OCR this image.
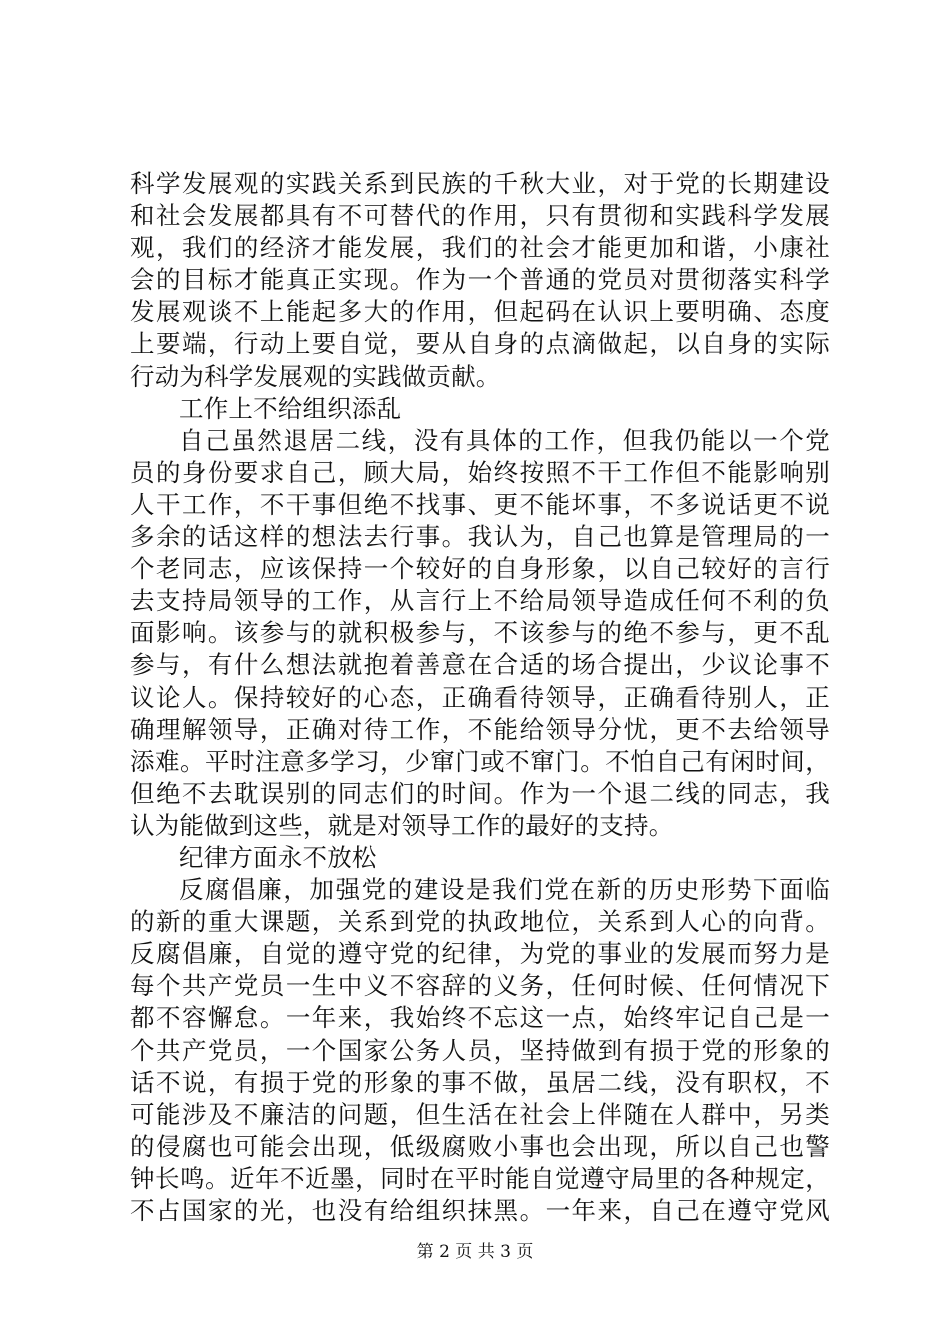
科学发展观的实践关系到民族的千秋大业，对于党的长期建设
和社会发展都具有不可替代的作用，只有贯彻和实践科学发展
观，我们的经济才能发展，我们的社会才能更加和谐，小康社
会的目标才能真正实现。作为一个普通的党员对贯彻落实科学
发展观谈不上能起多大的作用，但起码在认识上要明确、态度
上要端，行动上要自觉，要从自身的点滴做起，以自身的实际
行动为科学发展观的实践做贡献。
工作上不给组织添乱
自己虽然退居二线，没有具体的工作，但我仍能以一个党
员的身份要求自己，顾大局，始终按照不干工作但不能影响别
人干工作，不干事但绝不找事、更不能坏事，不多说话更不说
多余的话这样的想法去行事。我认为，自己也算是管理局的一
个老同志，应该保持一个较好的自身形象，以自己较好的言行
去支持局领导的工作，从言行上不给局领导造成任何不利的负
面影响。该参与的就积极参与，不该参与的绝不参与，更不乱
参与，有什么想法就抱着善意在合适的场合提出，少议论事不
议论人。保持较好的心态，正确看待领导，正确看待别人，正
确理解领导，正确对待工作，不能给领导分忧，更不去给领导
添难。平时注意多学习，少窜门或不窜门。不怕自己有闲时间，
但绝不去耽误别的同志们的时间。作为一个退二线的同志，我
认为能做到这些，就是对领导工作的最好的支持。
纪律方面永不放松
反腐倡廉，加强党的建设是我们党在新的历史形势下面临
的新的重大课题，关系到党的执政地位，关系到人心的向背。
反腐倡廉，自觉的遵守党的纪律，为党的事业的发展而努力是
每个共产党员一生中义不容辞的义务，任何时候、任何情况下
都不容懈怠。一年来，我始终不忘这一点，始终牢记自己是一
个共产党员，一个国家公务人员，坚持做到有损于党的形象的
话不说，有损于党的形象的事不做，虽居二线，没有职权，不
可能涉及不廉洁的问题，但生活在社会上伴随在人群中，另类
的侵腐也可能会出现，低级腐败小事也会出现，所以自己也警
钟长鸣。近年不近墨，同时在平时能自觉遵守局里的各种规定，
不占国家的光，也没有给组织抹黑。一年来，自己在遵守党风
第 2 页 共 3 页
